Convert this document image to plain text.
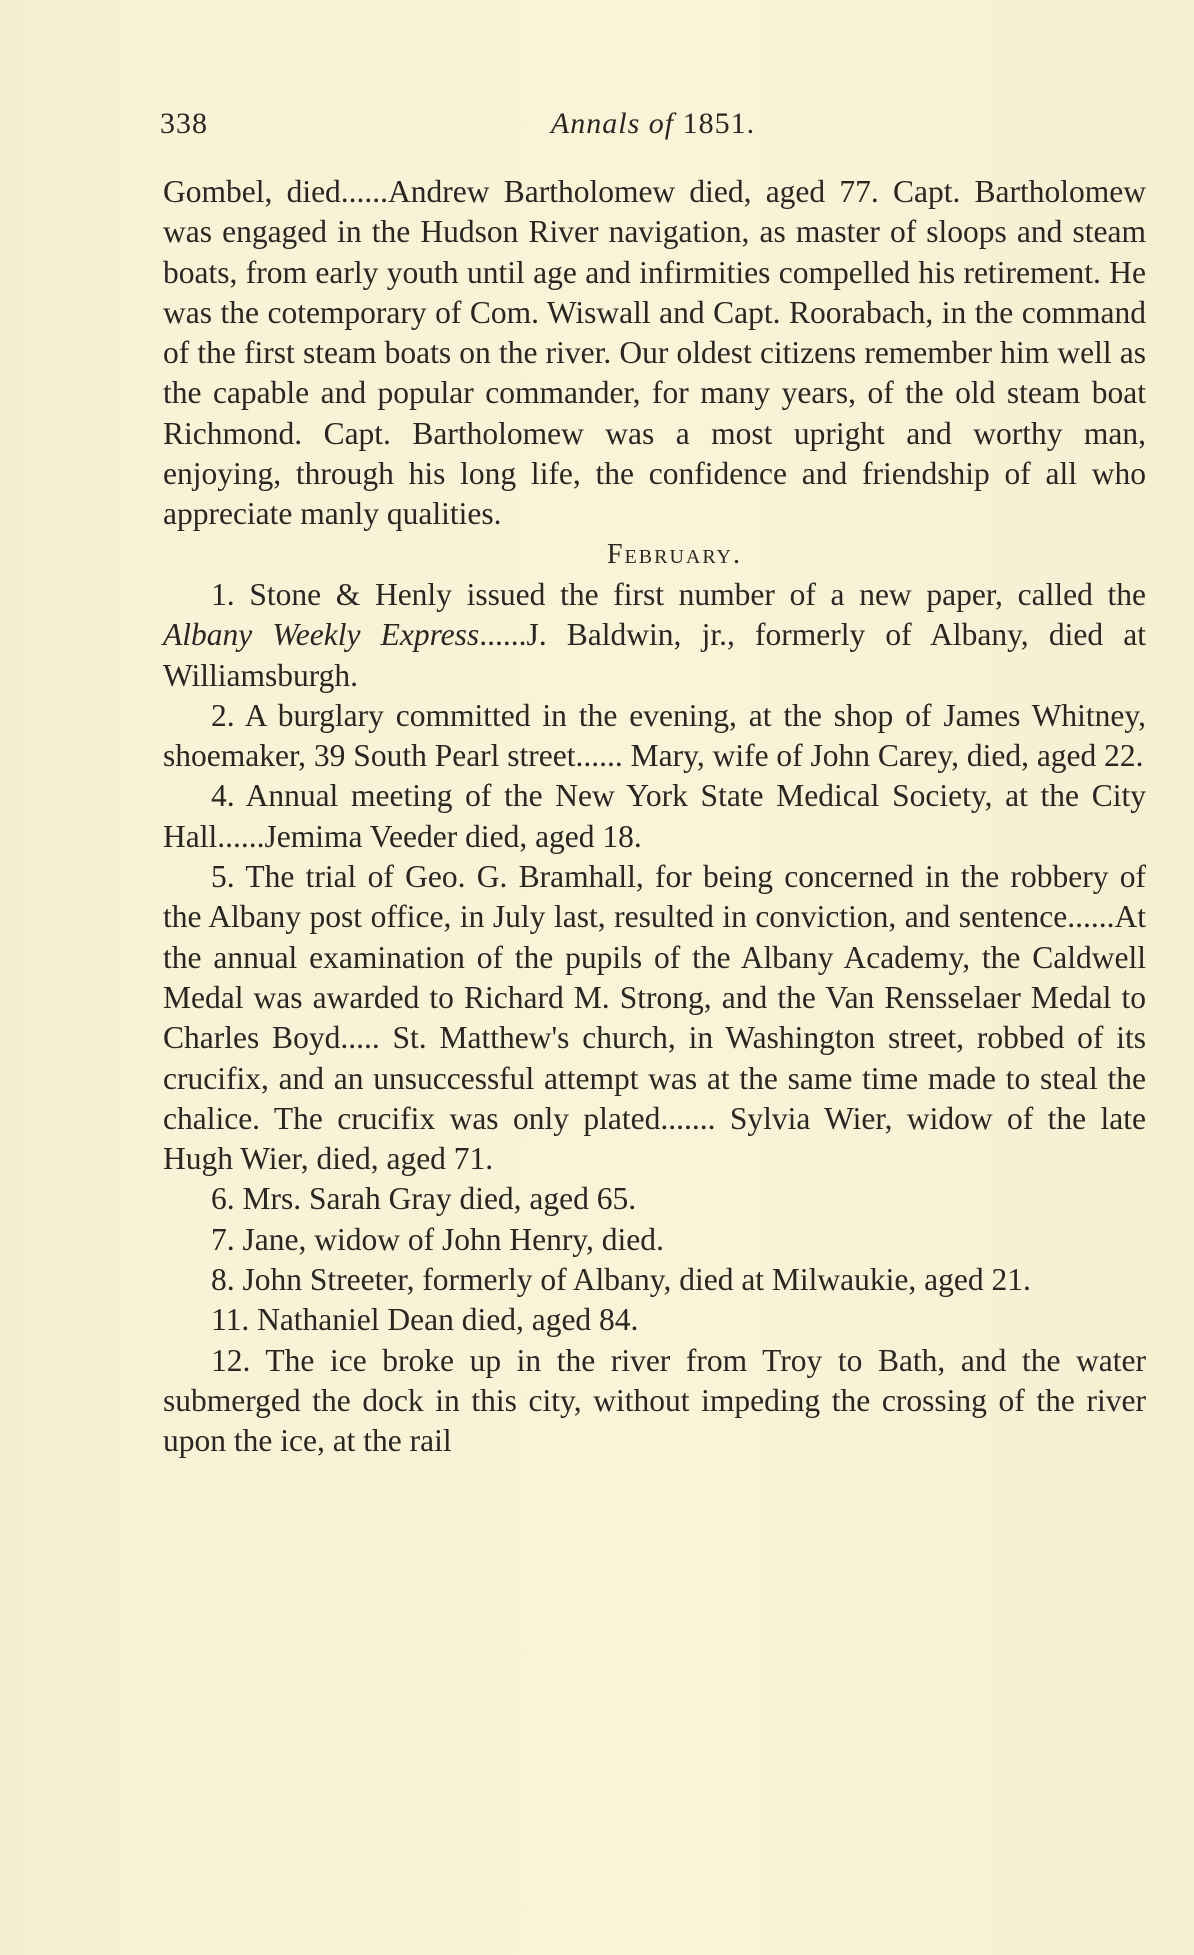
338	Annals of 1851.

Gombel, died......Andrew Bartholomew died, aged 77. Capt. Bartholomew was engaged in the Hudson River navigation, as master of sloops and steam boats, from early youth until age and infirmities compelled his retirement. He was the cotemporary of Com. Wiswall and Capt. Roorabach, in the command of the first steam boats on the river. Our oldest citizens remember him well as the capable and popular commander, for many years, of the old steam boat Richmond. Capt. Bartholomew was a most upright and worthy man, enjoying, through his long life, the confidence and friendship of all who appreciate manly qualities.

February.

1. Stone & Henly issued the first number of a new paper, called the Albany Weekly Express......J. Baldwin, jr., formerly of Albany, died at Williamsburgh.

2. A burglary committed in the evening, at the shop of James Whitney, shoemaker, 39 South Pearl street...... Mary, wife of John Carey, died, aged 22.

4. Annual meeting of the New York State Medical Society, at the City Hall......Jemima Veeder died, aged 18.

5. The trial of Geo. G. Bramhall, for being concerned in the robbery of the Albany post office, in July last, resulted in conviction, and sentence......At the annual examination of the pupils of the Albany Academy, the Caldwell Medal was awarded to Richard M. Strong, and the Van Rensselaer Medal to Charles Boyd..... St. Matthew's church, in Washington street, robbed of its crucifix, and an unsuccessful attempt was at the same time made to steal the chalice. The crucifix was only plated....... Sylvia Wier, widow of the late Hugh Wier, died, aged 71.

6. Mrs. Sarah Gray died, aged 65.

7. Jane, widow of John Henry, died.

8. John Streeter, formerly of Albany, died at Milwaukie, aged 21.

11. Nathaniel Dean died, aged 84.

12. The ice broke up in the river from Troy to Bath, and the water submerged the dock in this city, without impeding the crossing of the river upon the ice, at the rail
